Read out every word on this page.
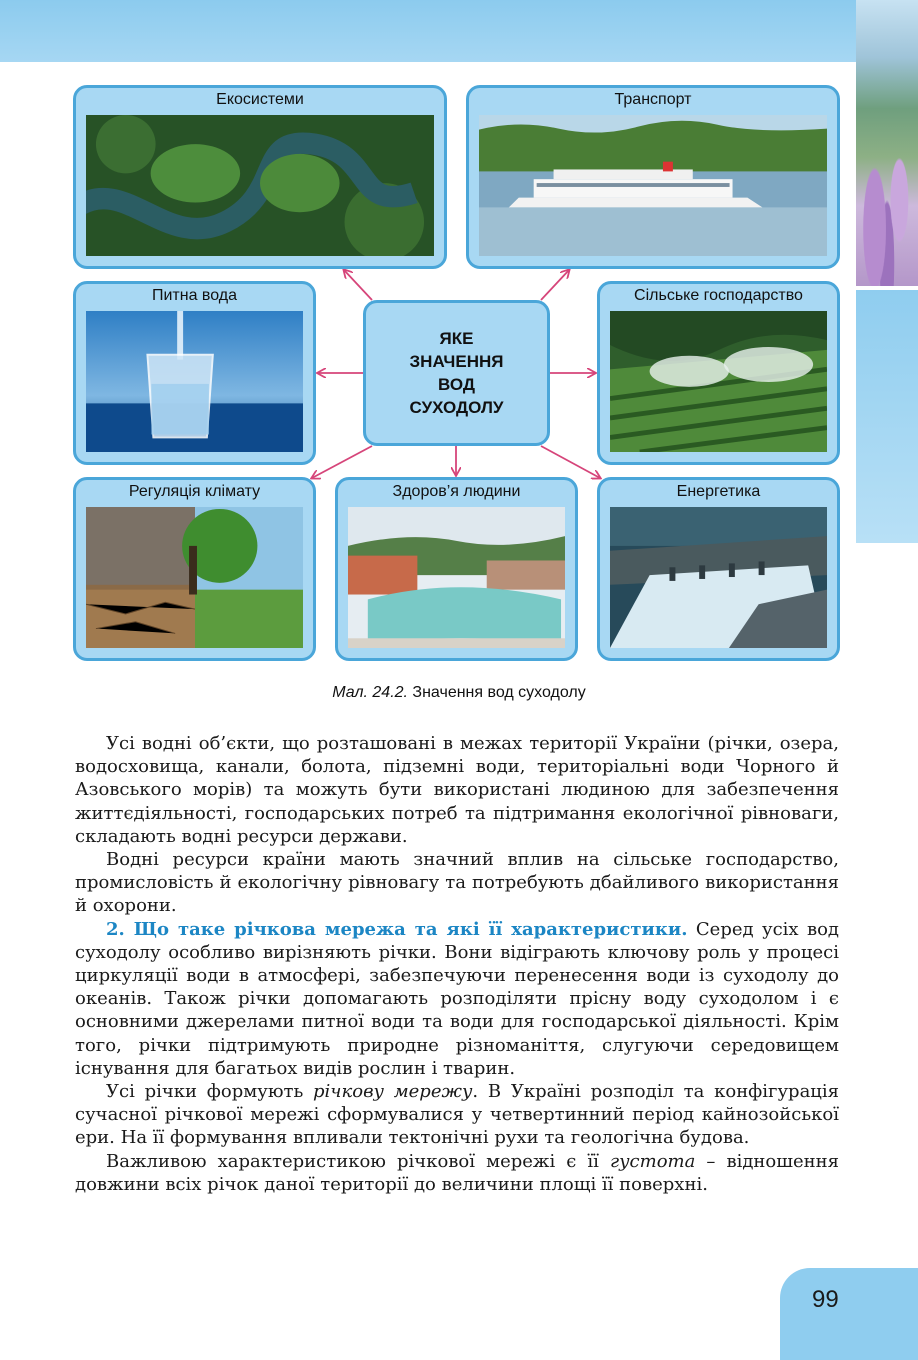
Екосистеми	Транспорт
Питна вода
ЯКЕ
ЗНАЧЕННЯ
ВОД
СУХОДОЛУ
Сільське господарство
Регуляція клімату	Здоров’я людини	Енергетика
Мал. 24.2. Значення вод суходолу

Усі водні об’єкти, що розташовані в межах території України (річки, озера, водосховища, канали, болота, підземні води, територіальні води Чорного й Азовського морів) та можуть бути використані людиною для забезпечення життєдіяльності, господарських потреб та підтримання екологічної рівноваги, складають водні ресурси держави.

Водні ресурси країни мають значний вплив на сільське господарство, промисловість й екологічну рівновагу та потребують дбайливого використання й охорони.

2. Що таке річкова мережа та які її характеристики. Серед усіх вод суходолу особливо вирізняють річки. Вони відіграють ключову роль у процесі циркуляції води в атмосфері, забезпечуючи перенесення води із суходолу до океанів. Також річки допомагають розподіляти прісну воду суходолом і є основними джерелами питної води та води для господарської діяльності. Крім того, річки підтримують природне різноманіття, слугуючи середовищем існування для багатьох видів рослин і тварин.

Усі річки формують річкову мережу. В Україні розподіл та конфігурація сучасної річкової мережі сформувалися у четвертинний період кайнозойської ери. На її формування впливали тектонічні рухи та геологічна будова.

Важливою характеристикою річкової мережі є її густота – відношення довжини всіх річок даної території до величини площі її поверхні.

99
